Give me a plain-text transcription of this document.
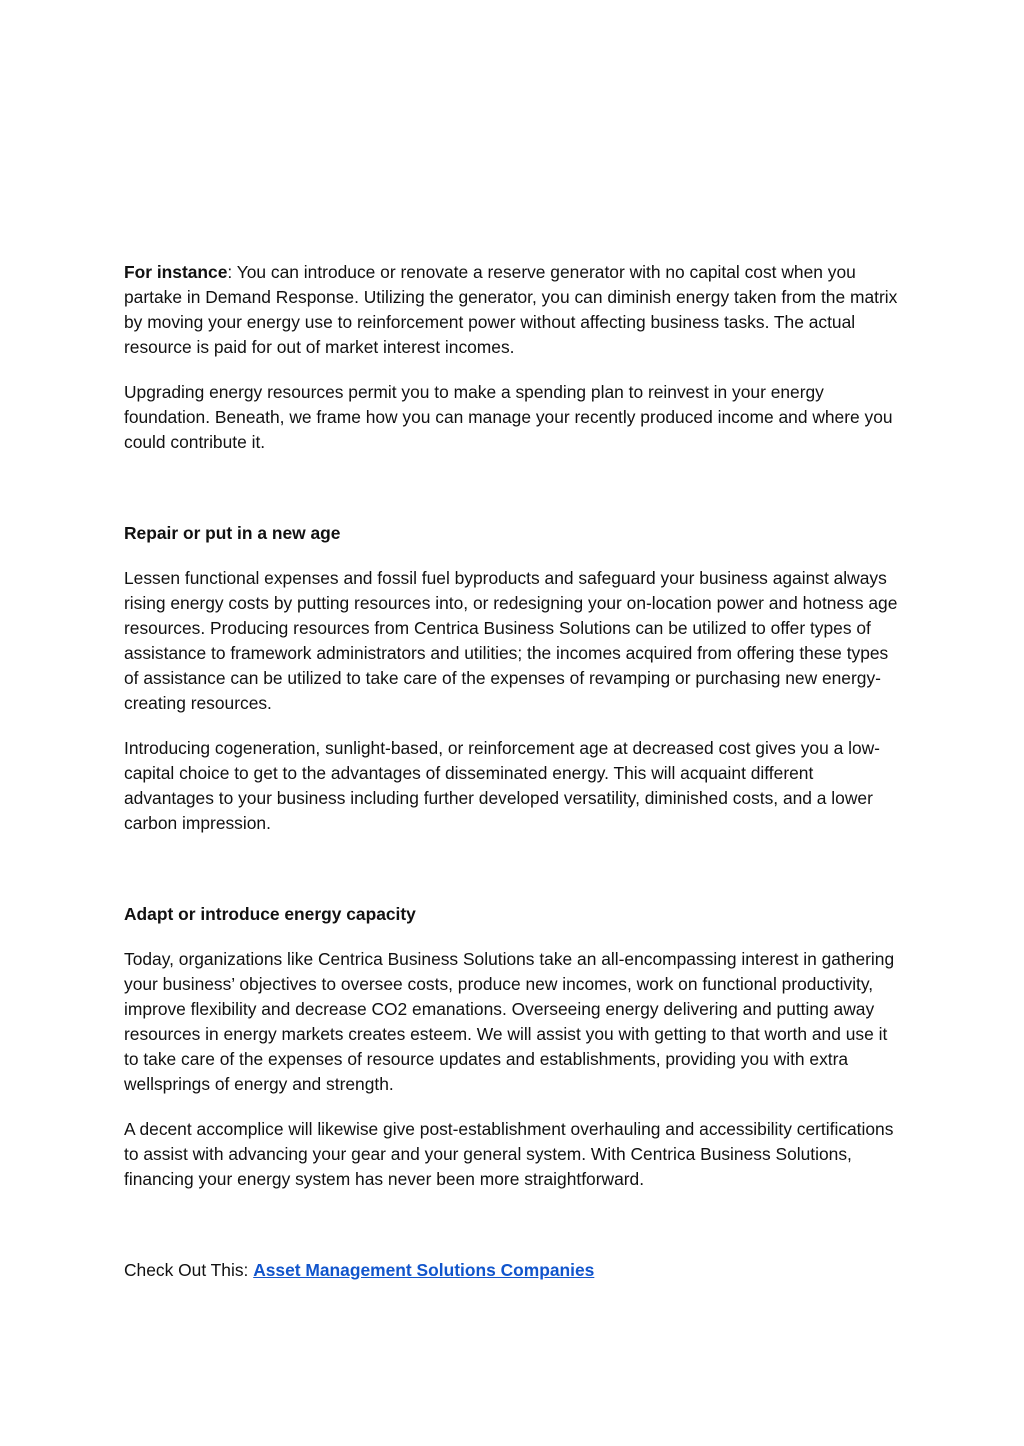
For instance: You can introduce or renovate a reserve generator with no capital cost when you partake in Demand Response. Utilizing the generator, you can diminish energy taken from the matrix by moving your energy use to reinforcement power without affecting business tasks. The actual resource is paid for out of market interest incomes.

Upgrading energy resources permit you to make a spending plan to reinvest in your energy foundation. Beneath, we frame how you can manage your recently produced income and where you could contribute it.

Repair or put in a new age

Lessen functional expenses and fossil fuel byproducts and safeguard your business against always rising energy costs by putting resources into, or redesigning your on-location power and hotness age resources. Producing resources from Centrica Business Solutions can be utilized to offer types of assistance to framework administrators and utilities; the incomes acquired from offering these types of assistance can be utilized to take care of the expenses of revamping or purchasing new energy-creating resources.

Introducing cogeneration, sunlight-based, or reinforcement age at decreased cost gives you a low-capital choice to get to the advantages of disseminated energy. This will acquaint different advantages to your business including further developed versatility, diminished costs, and a lower carbon impression.

Adapt or introduce energy capacity

Today, organizations like Centrica Business Solutions take an all-encompassing interest in gathering your business’ objectives to oversee costs, produce new incomes, work on functional productivity, improve flexibility and decrease CO2 emanations. Overseeing energy delivering and putting away resources in energy markets creates esteem. We will assist you with getting to that worth and use it to take care of the expenses of resource updates and establishments, providing you with extra wellsprings of energy and strength.

A decent accomplice will likewise give post-establishment overhauling and accessibility certifications to assist with advancing your gear and your general system. With Centrica Business Solutions, financing your energy system has never been more straightforward.

Check Out This: Asset Management Solutions Companies
